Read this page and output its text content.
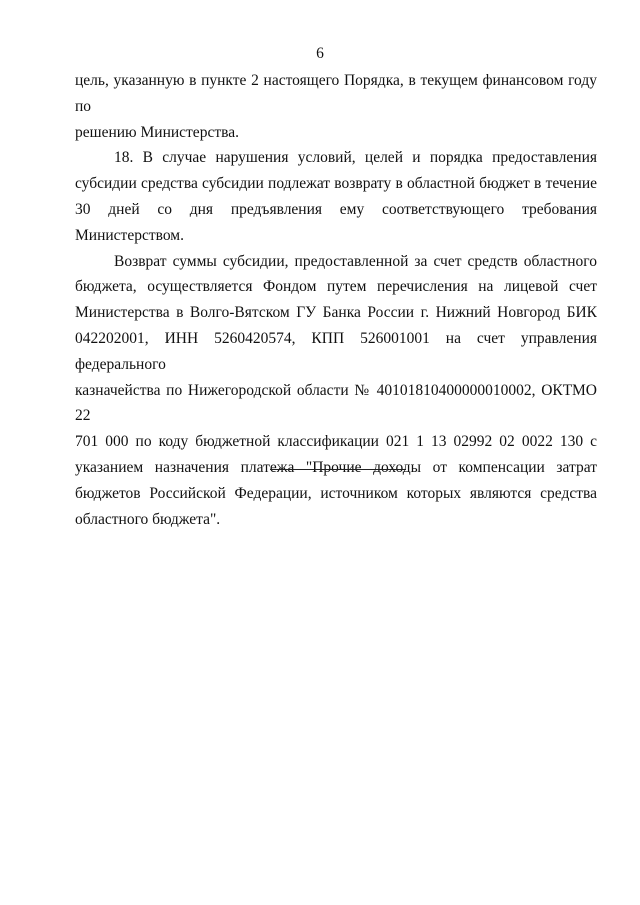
6

цель, указанную в пункте 2 настоящего Порядка, в текущем финансовом году по
решению Министерства.

18. В случае нарушения условий, целей и порядка предоставления
субсидии средства субсидии подлежат возврату в областной бюджет в течение
30 дней со дня предъявления ему соответствующего требования
Министерством.

Возврат суммы субсидии, предоставленной за счет средств областного
бюджета, осуществляется Фондом путем перечисления на лицевой счет
Министерства в Волго-Вятском ГУ Банка России г. Нижний Новгород БИК
042202001, ИНН 5260420574, КПП 526001001 на счет управления федерального
казначейства по Нижегородской области № 40101810400000010002, ОКТМО 22
701 000 по коду бюджетной классификации 021 1 13 02992 02 0022 130 с
указанием назначения платежа "Прочие доходы от компенсации затрат
бюджетов Российской Федерации, источником которых являются средства
областного бюджета".
